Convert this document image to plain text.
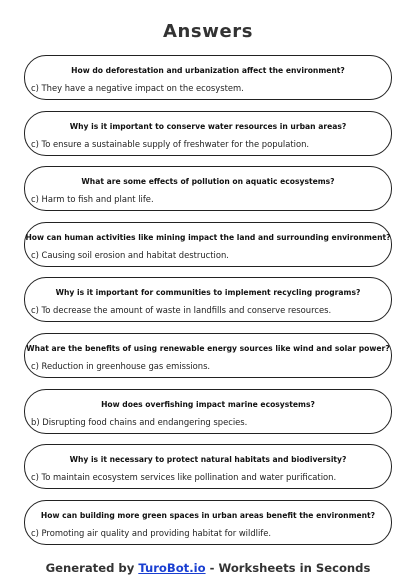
Answers
How do deforestation and urbanization affect the environment?
c) They have a negative impact on the ecosystem.
Why is it important to conserve water resources in urban areas?
c) To ensure a sustainable supply of freshwater for the population.
What are some effects of pollution on aquatic ecosystems?
c) Harm to fish and plant life.
How can human activities like mining impact the land and surrounding environment?
c) Causing soil erosion and habitat destruction.
Why is it important for communities to implement recycling programs?
c) To decrease the amount of waste in landfills and conserve resources.
What are the benefits of using renewable energy sources like wind and solar power?
c) Reduction in greenhouse gas emissions.
How does overfishing impact marine ecosystems?
b) Disrupting food chains and endangering species.
Why is it necessary to protect natural habitats and biodiversity?
c) To maintain ecosystem services like pollination and water purification.
How can building more green spaces in urban areas benefit the environment?
c) Promoting air quality and providing habitat for wildlife.
Generated by TuroBot.io - Worksheets in Seconds
